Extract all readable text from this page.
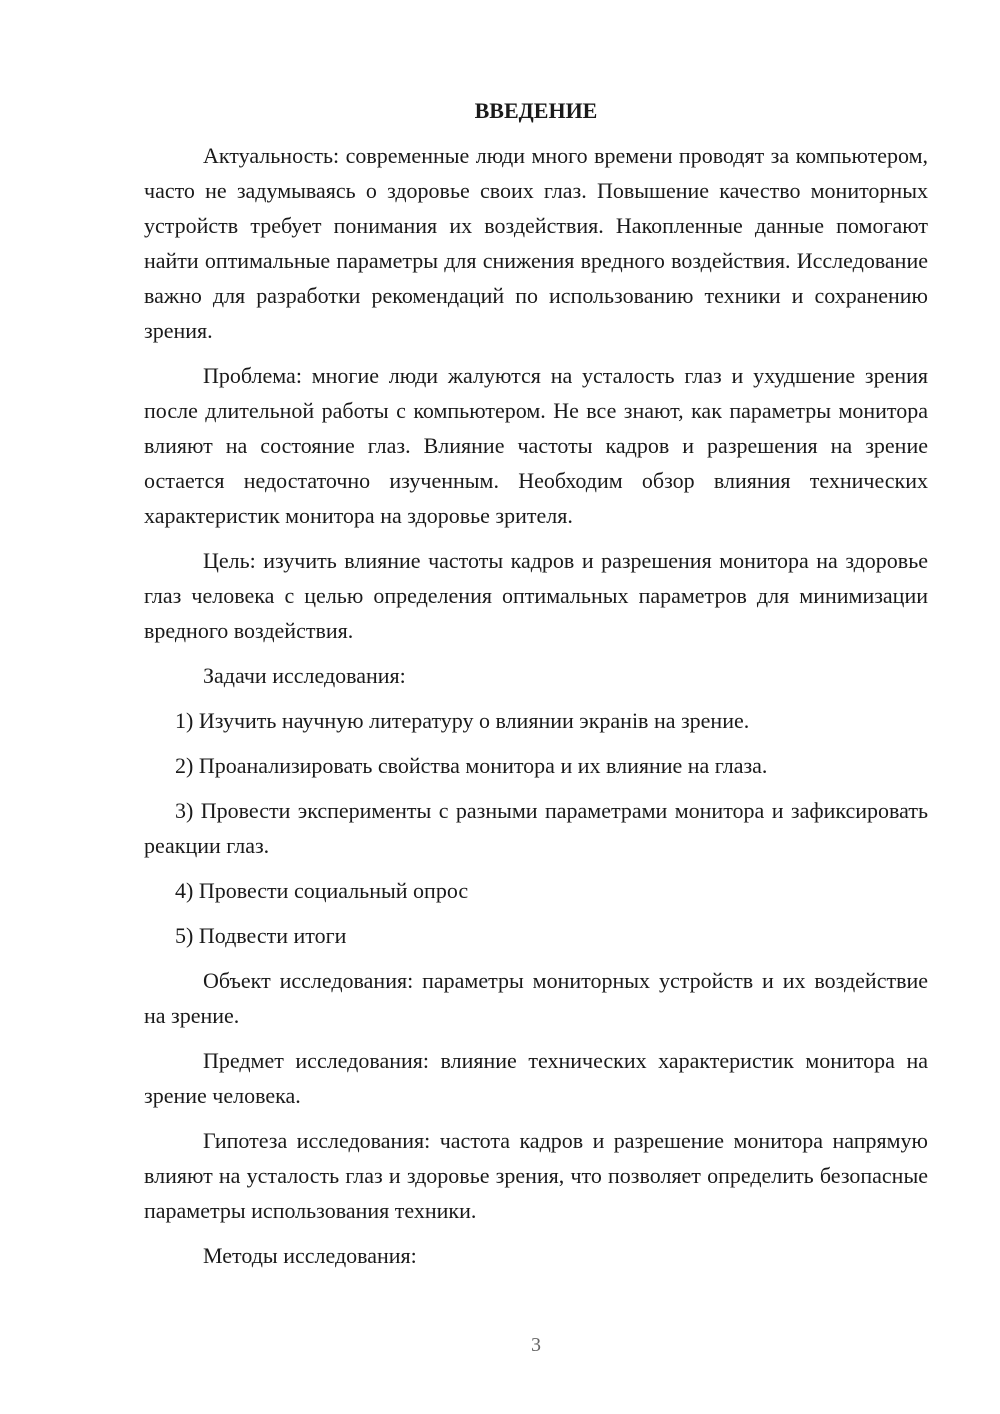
ВВЕДЕНИЕ

Актуальность: современные люди много времени проводят за компьютером, часто не задумываясь о здоровье своих глаз. Повышение качество мониторных устройств требует понимания их воздействия. Накопленные данные помогают найти оптимальные параметры для снижения вредного воздействия. Исследование важно для разработки рекомендаций по использованию техники и сохранению зрения.

Проблема: многие люди жалуются на усталость глаз и ухудшение зрения после длительной работы с компьютером. Не все знают, как параметры монитора влияют на состояние глаз. Влияние частоты кадров и разрешения на зрение остается недостаточно изученным. Необходим обзор влияния технических характеристик монитора на здоровье зрителя.

Цель: изучить влияние частоты кадров и разрешения монитора на здоровье глаз человека с целью определения оптимальных параметров для минимизации вредного воздействия.

Задачи исследования:

1) Изучить научную литературу о влиянии экранів на зрение.

2) Проанализировать свойства монитора и их влияние на глаза.

3) Провести эксперименты с разными параметрами монитора и зафиксировать реакции глаз.

4) Провести социальный опрос

5) Подвести итоги

Объект исследования: параметры мониторных устройств и их воздействие на зрение.

Предмет исследования: влияние технических характеристик монитора на зрение человека.

Гипотеза исследования: частота кадров и разрешение монитора напрямую влияют на усталость глаз и здоровье зрения, что позволяет определить безопасные параметры использования техники.

Методы исследования:

3
